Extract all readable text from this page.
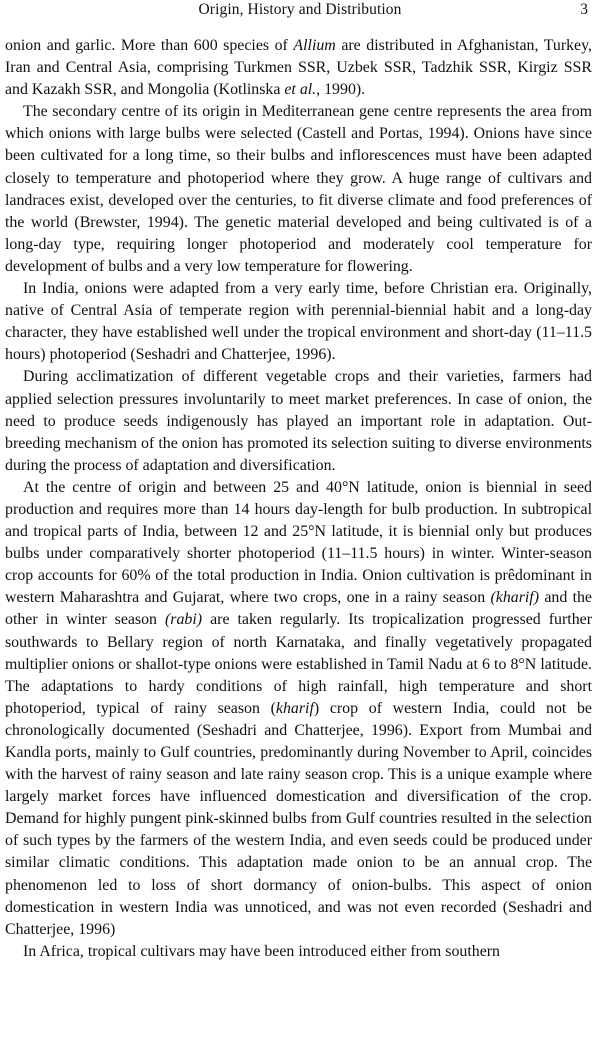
Origin, History and Distribution	3

onion and garlic. More than 600 species of Allium are distributed in Afghanistan, Turkey, Iran and Central Asia, comprising Turkmen SSR, Uzbek SSR, Tadzhik SSR, Kirgiz SSR and Kazakh SSR, and Mongolia (Kotlinska et al., 1990).

The secondary centre of its origin in Mediterranean gene centre represents the area from which onions with large bulbs were selected (Castell and Portas, 1994). Onions have since been cultivated for a long time, so their bulbs and inflorescences must have been adapted closely to temperature and photoperiod where they grow. A huge range of cultivars and landraces exist, developed over the centuries, to fit diverse climate and food preferences of the world (Brewster, 1994). The genetic material developed and being cultivated is of a long-day type, requiring longer photoperiod and moderately cool temperature for development of bulbs and a very low temperature for flowering.

In India, onions were adapted from a very early time, before Christian era. Originally, native of Central Asia of temperate region with perennial-biennial habit and a long-day character, they have established well under the tropical environment and short-day (11–11.5 hours) photoperiod (Seshadri and Chatterjee, 1996).

During acclimatization of different vegetable crops and their varieties, farmers had applied selection pressures involuntarily to meet market preferences. In case of onion, the need to produce seeds indigenously has played an important role in adaptation. Out-breeding mechanism of the onion has promoted its selection suiting to diverse environments during the process of adaptation and diversification.

At the centre of origin and between 25 and 40°N latitude, onion is biennial in seed production and requires more than 14 hours day-length for bulb production. In subtropical and tropical parts of India, between 12 and 25°N latitude, it is biennial only but produces bulbs under comparatively shorter photoperiod (11–11.5 hours) in winter. Winter-season crop accounts for 60% of the total production in India. Onion cultivation is prêdominant in western Maharashtra and Gujarat, where two crops, one in a rainy season (kharif) and the other in winter season (rabi) are taken regularly. Its tropicalization progressed further southwards to Bellary region of north Karnataka, and finally vegetatively propagated multiplier onions or shallot-type onions were established in Tamil Nadu at 6 to 8°N latitude. The adaptations to hardy conditions of high rainfall, high temperature and short photoperiod, typical of rainy season (kharif) crop of western India, could not be chronologically documented (Seshadri and Chatterjee, 1996). Export from Mumbai and Kandla ports, mainly to Gulf countries, predominantly during November to April, coincides with the harvest of rainy season and late rainy season crop. This is a unique example where largely market forces have influenced domestication and diversification of the crop. Demand for highly pungent pink-skinned bulbs from Gulf countries resulted in the selection of such types by the farmers of the western India, and even seeds could be produced under similar climatic conditions. This adaptation made onion to be an annual crop. The phenomenon led to loss of short dormancy of onion-bulbs. This aspect of onion domestication in western India was unnoticed, and was not even recorded (Seshadri and Chatterjee, 1996)

In Africa, tropical cultivars may have been introduced either from southern
